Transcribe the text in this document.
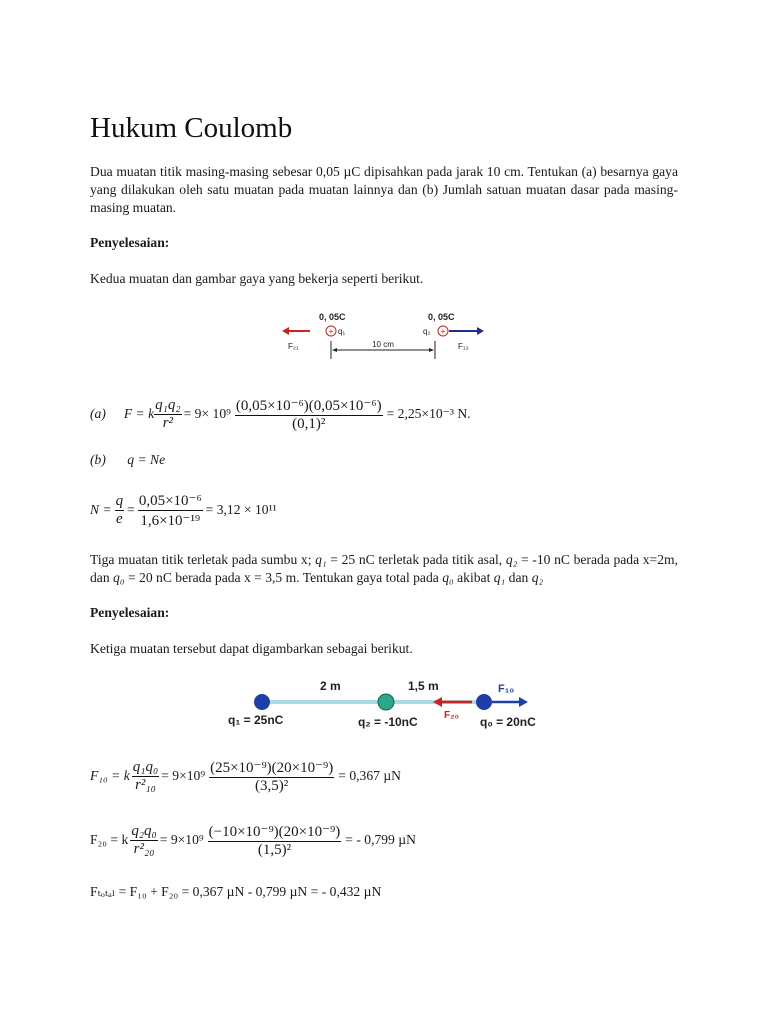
Hukum Coulomb

Dua muatan titik masing-masing sebesar 0,05 µC dipisahkan pada jarak 10 cm. Tentukan (a) besarnya gaya yang dilakukan oleh satu muatan pada muatan lainnya dan (b) Jumlah satuan muatan dasar pada masing-masing muatan.

Penyelesaian:
Kedua muatan dan gambar gaya yang bekerja seperti berikut.
+
0, 05C
q₁
F₂₁	10 cm
0, 05C
q₂ +
F₁₂
(a) F = k $\frac{\text{q₁q₂}}{\text{r²}} = 9\times 10^9 \frac{\text{(0,05×10⁻⁶)(0,05×10⁻⁶)}}{\text{(0,1)²}} = 2,25\times 10^{-3}$ N.
(b) q = Ne
$N = \frac{q}{e} = \frac{\text{0,05×10⁻⁶}}{\text{1,6×10⁻¹⁹}} = 3,12 \times 10^{11}$

Tiga muatan titik terletak pada sumbu x; q₁ = 25 nC terletak pada titik asal, q₂ = -10 nC berada pada x=2m, dan q₀ = 20 nC berada pada x = 3,5 m. Tentukan gaya total pada q₀ akibat q₁ dan q₂

Penyelesaian:
Ketiga muatan tersebut dapat digambarkan sebagai berikut.
2 m	1,5 m
q₁ = 25nC	q₂ = -10nC	q₀ = 20nC
F₂₀
F₁₀
F₁₀ = k $\frac{\text{q₁q₀}}{\text{r²₁₀}} = 9\times 10^9 \frac{\text{(25×10⁻⁹)(20×10⁻⁹)}}{\text{(3,5)²}} = 0,367$ µN
F₂₀ = k $\frac{\text{q₂q₀}}{\text{r²₂₀}} = 9\times 10^9 \frac{\text{(−10×10⁻⁹)(20×10⁻⁹)}}{\text{(1,5)²}}$ = - 0,799 µN
Fₜₒₜₐₗ = F₁₀ + F₂₀ = 0,367 µN - 0,799 µN = - 0,432 µN
